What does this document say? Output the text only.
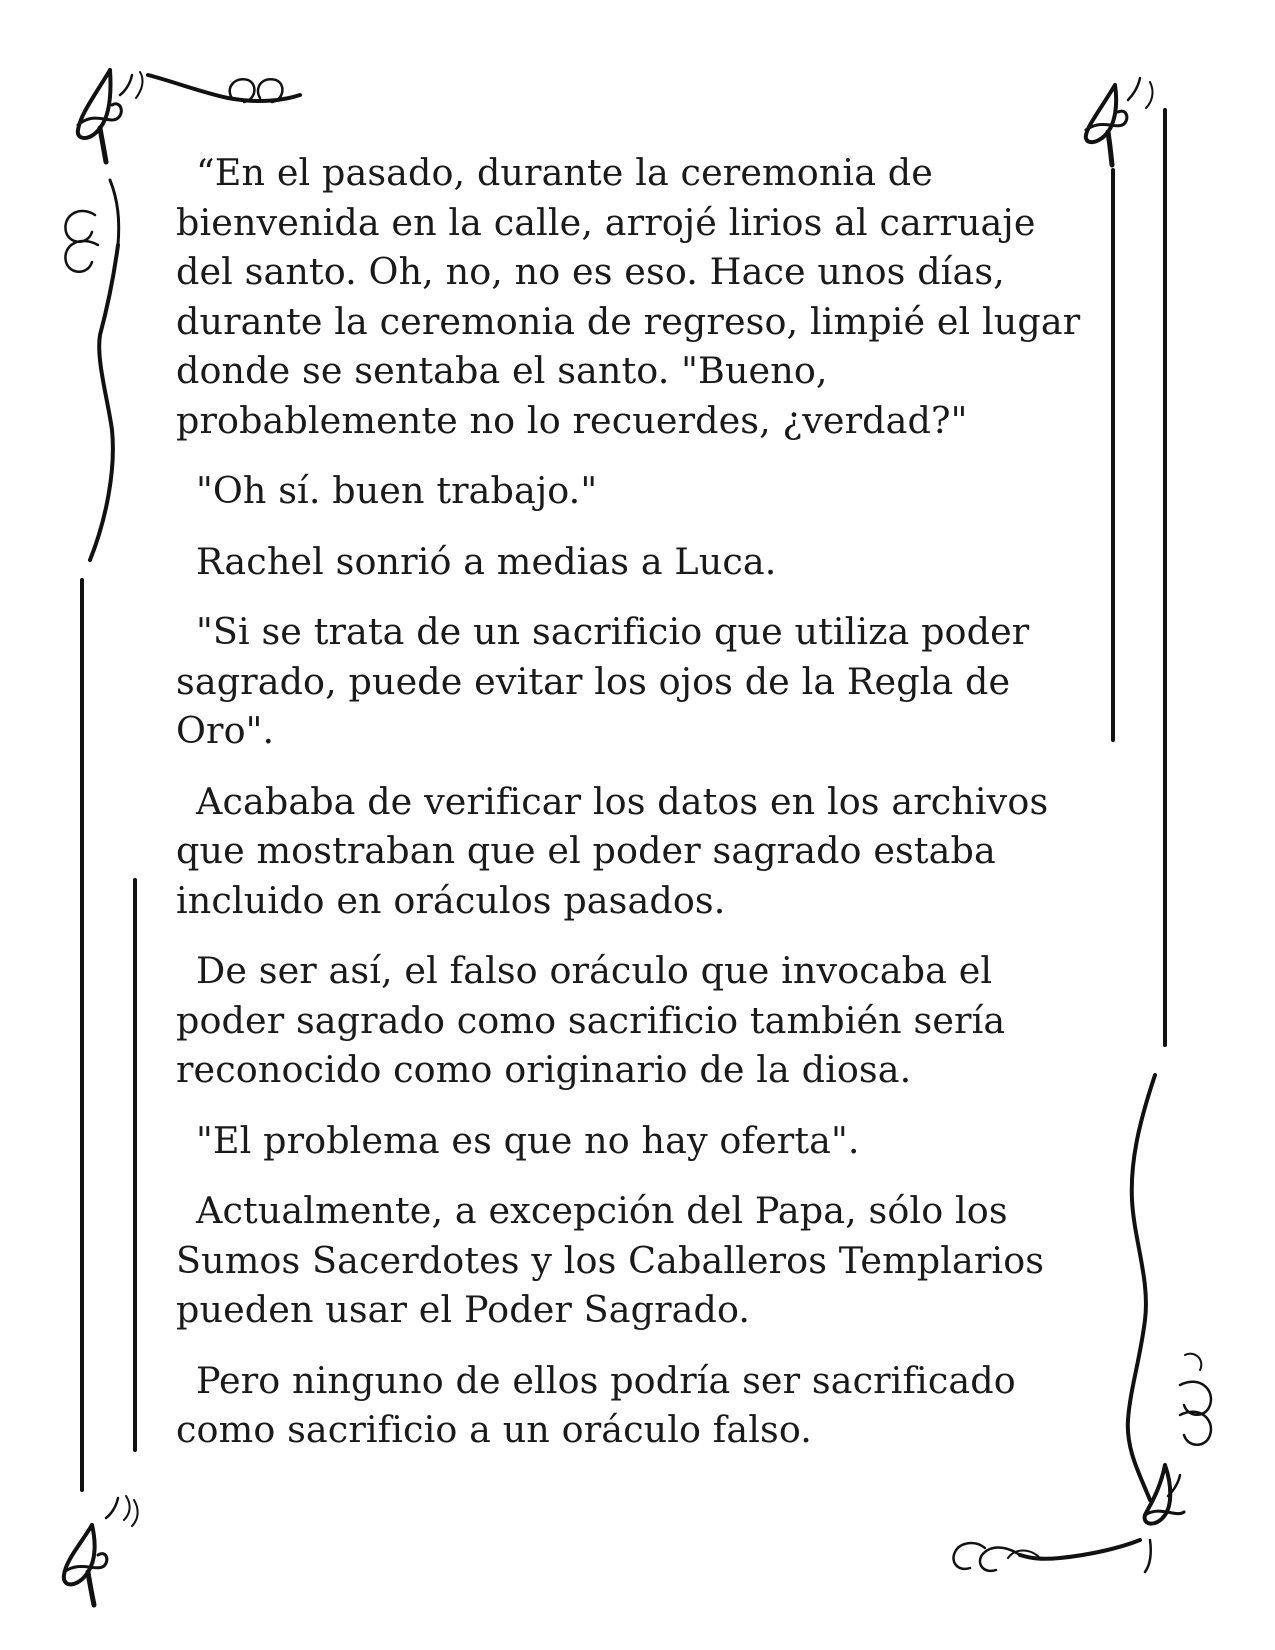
“En el pasado, durante la ceremonia de bienvenida en la calle, arrojé lirios al carruaje del santo. Oh, no, no es eso. Hace unos días, durante la ceremonia de regreso, limpié el lugar donde se sentaba el santo. "Bueno, probablemente no lo recuerdes, ¿verdad?"

"Oh sí. buen trabajo."

Rachel sonrió a medias a Luca.

"Si se trata de un sacrificio que utiliza poder sagrado, puede evitar los ojos de la Regla de Oro".

Acababa de verificar los datos en los archivos que mostraban que el poder sagrado estaba incluido en oráculos pasados.

De ser así, el falso oráculo que invocaba el poder sagrado como sacrificio también sería reconocido como originario de la diosa.

"El problema es que no hay oferta".

Actualmente, a excepción del Papa, sólo los Sumos Sacerdotes y los Caballeros Templarios pueden usar el Poder Sagrado.

Pero ninguno de ellos podría ser sacrificado como sacrificio a un oráculo falso.
